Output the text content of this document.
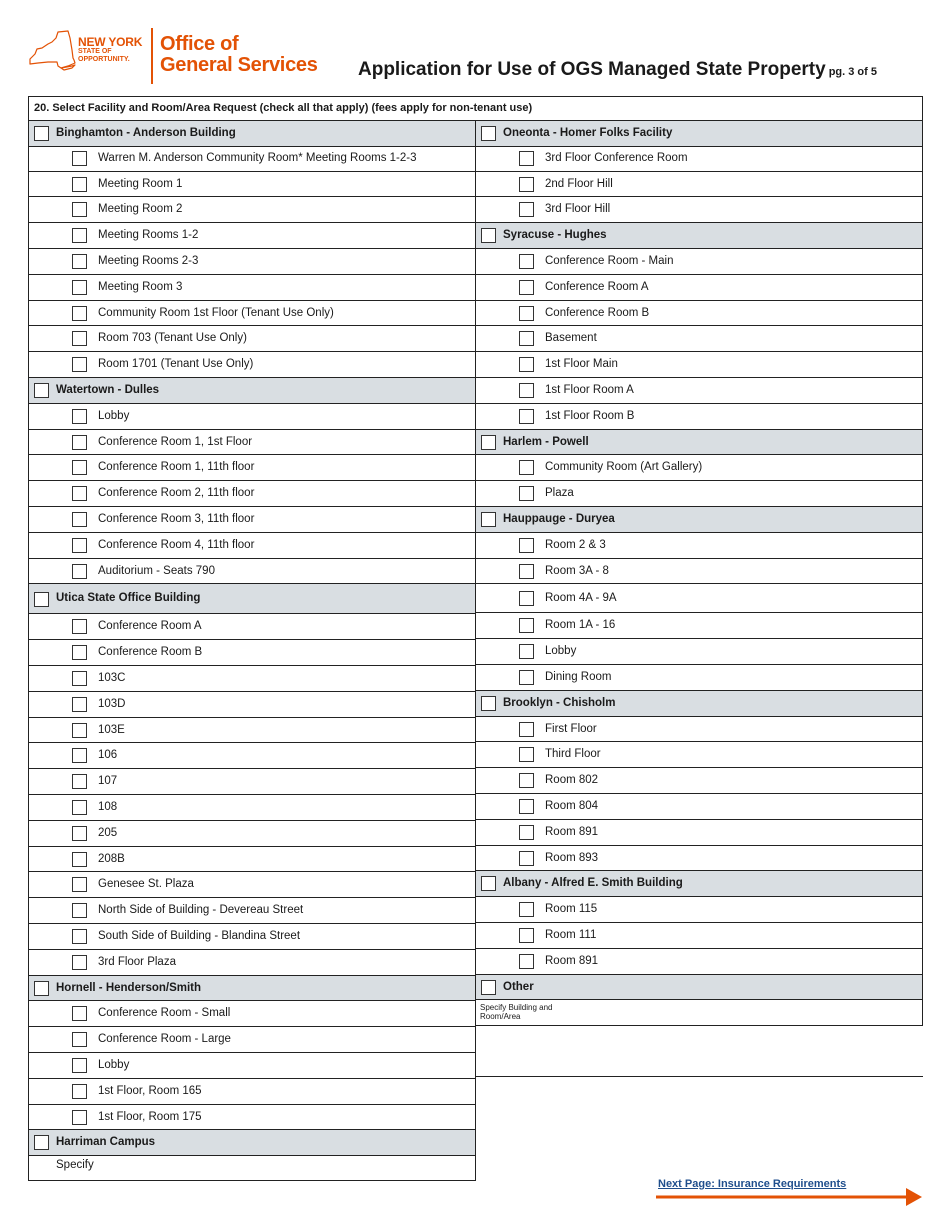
NEW YORK
STATE OF
OPPORTUNITY.
Office of
General Services Application for Use of OGS Managed State Property pg. 3 of 5
20. Select Facility and Room/Area Request (check all that apply) (fees apply for non-tenant use)
Binghamton - Anderson Building
Warren M. Anderson Community Room* Meeting Rooms 1-2-3
Meeting Room 1
Meeting Room 2
Meeting Rooms 1-2
Meeting Rooms 2-3
Meeting Room 3
Community Room 1st Floor (Tenant Use Only)
Room 703 (Tenant Use Only)
Room 1701 (Tenant Use Only)
Watertown - Dulles
Lobby
Conference Room 1, 1st Floor
Conference Room 1, 11th floor
Conference Room 2, 11th floor
Conference Room 3, 11th floor
Conference Room 4, 11th floor
Auditorium - Seats 790
Utica State Office Building
Conference Room A
Conference Room B
103C
103D
103E
106
107
108
205
208B
Genesee St. Plaza
North Side of Building - Devereau Street
South Side of Building - Blandina Street
3rd Floor Plaza
Hornell - Henderson/Smith
Conference Room - Small
Conference Room - Large
Lobby
1st Floor, Room 165
1st Floor, Room 175
Harriman Campus
Specify
Oneonta - Homer Folks Facility
3rd Floor Conference Room
2nd Floor Hill
3rd Floor Hill
Syracuse - Hughes
Conference Room - Main
Conference Room A
Conference Room B
Basement
1st Floor Main
1st Floor Room A
1st Floor Room B
Harlem - Powell
Community Room (Art Gallery)
Plaza
Hauppauge - Duryea
Room 2 & 3
Room 3A - 8
Room 4A - 9A
Room 1A - 16
Lobby
Dining Room
Brooklyn - Chisholm
First Floor
Third Floor
Room 802
Room 804
Room 891
Room 893
Albany - Alfred E. Smith Building
Room 115
Room 111
Room 891
Other
Specify Building and Room/Area
Next Page: Insurance Requirements
